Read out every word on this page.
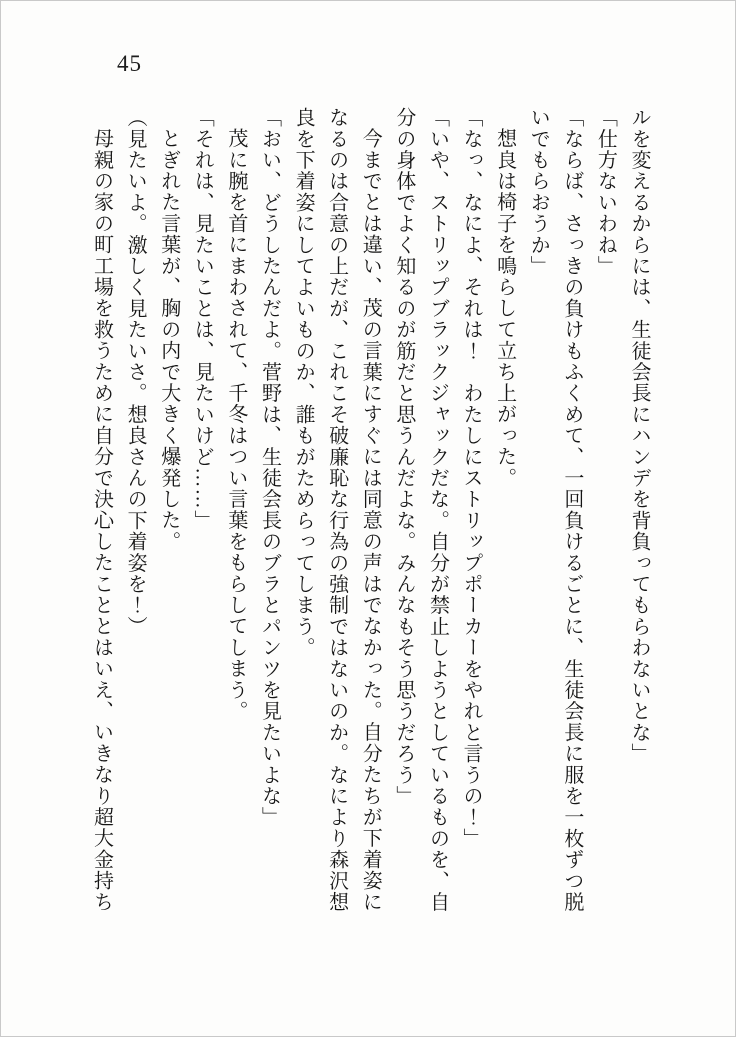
45

ルを変えるからには、生徒会長にハンデを背負ってもらわないとな」

「仕方ないわね」

「ならば、さっきの負けもふくめて、一回負けるごとに、生徒会長に服を一枚ずつ脱

いでもらおうか」

想良は椅子を鳴らして立ち上がった。

「なっ、なによ、それは！　わたしにストリップポーカーをやれと言うの！」

「いや、ストリップブラックジャックだな。自分が禁止しようとしているものを、自

分の身体でよく知るのが筋だと思うんだよな。みんなもそう思うだろう」

今までとは違い、茂の言葉にすぐには同意の声はでなかった。自分たちが下着姿に

なるのは合意の上だが、これこそ破廉恥な行為の強制ではないのか。なにより森沢想

良を下着姿にしてよいものか、誰もがためらってしまう。

「おい、どうしたんだよ。菅野は、生徒会長のブラとパンツを見たいよな」

茂に腕を首にまわされて、千冬はつい言葉をもらしてしまう。

「それは、見たいことは、見たいけど……」

とぎれた言葉が、胸の内で大きく爆発した。

（見たいよ。激しく見たいさ。想良さんの下着姿を！）

母親の家の町工場を救うために自分で決心したこととはいえ、いきなり超大金持ち
